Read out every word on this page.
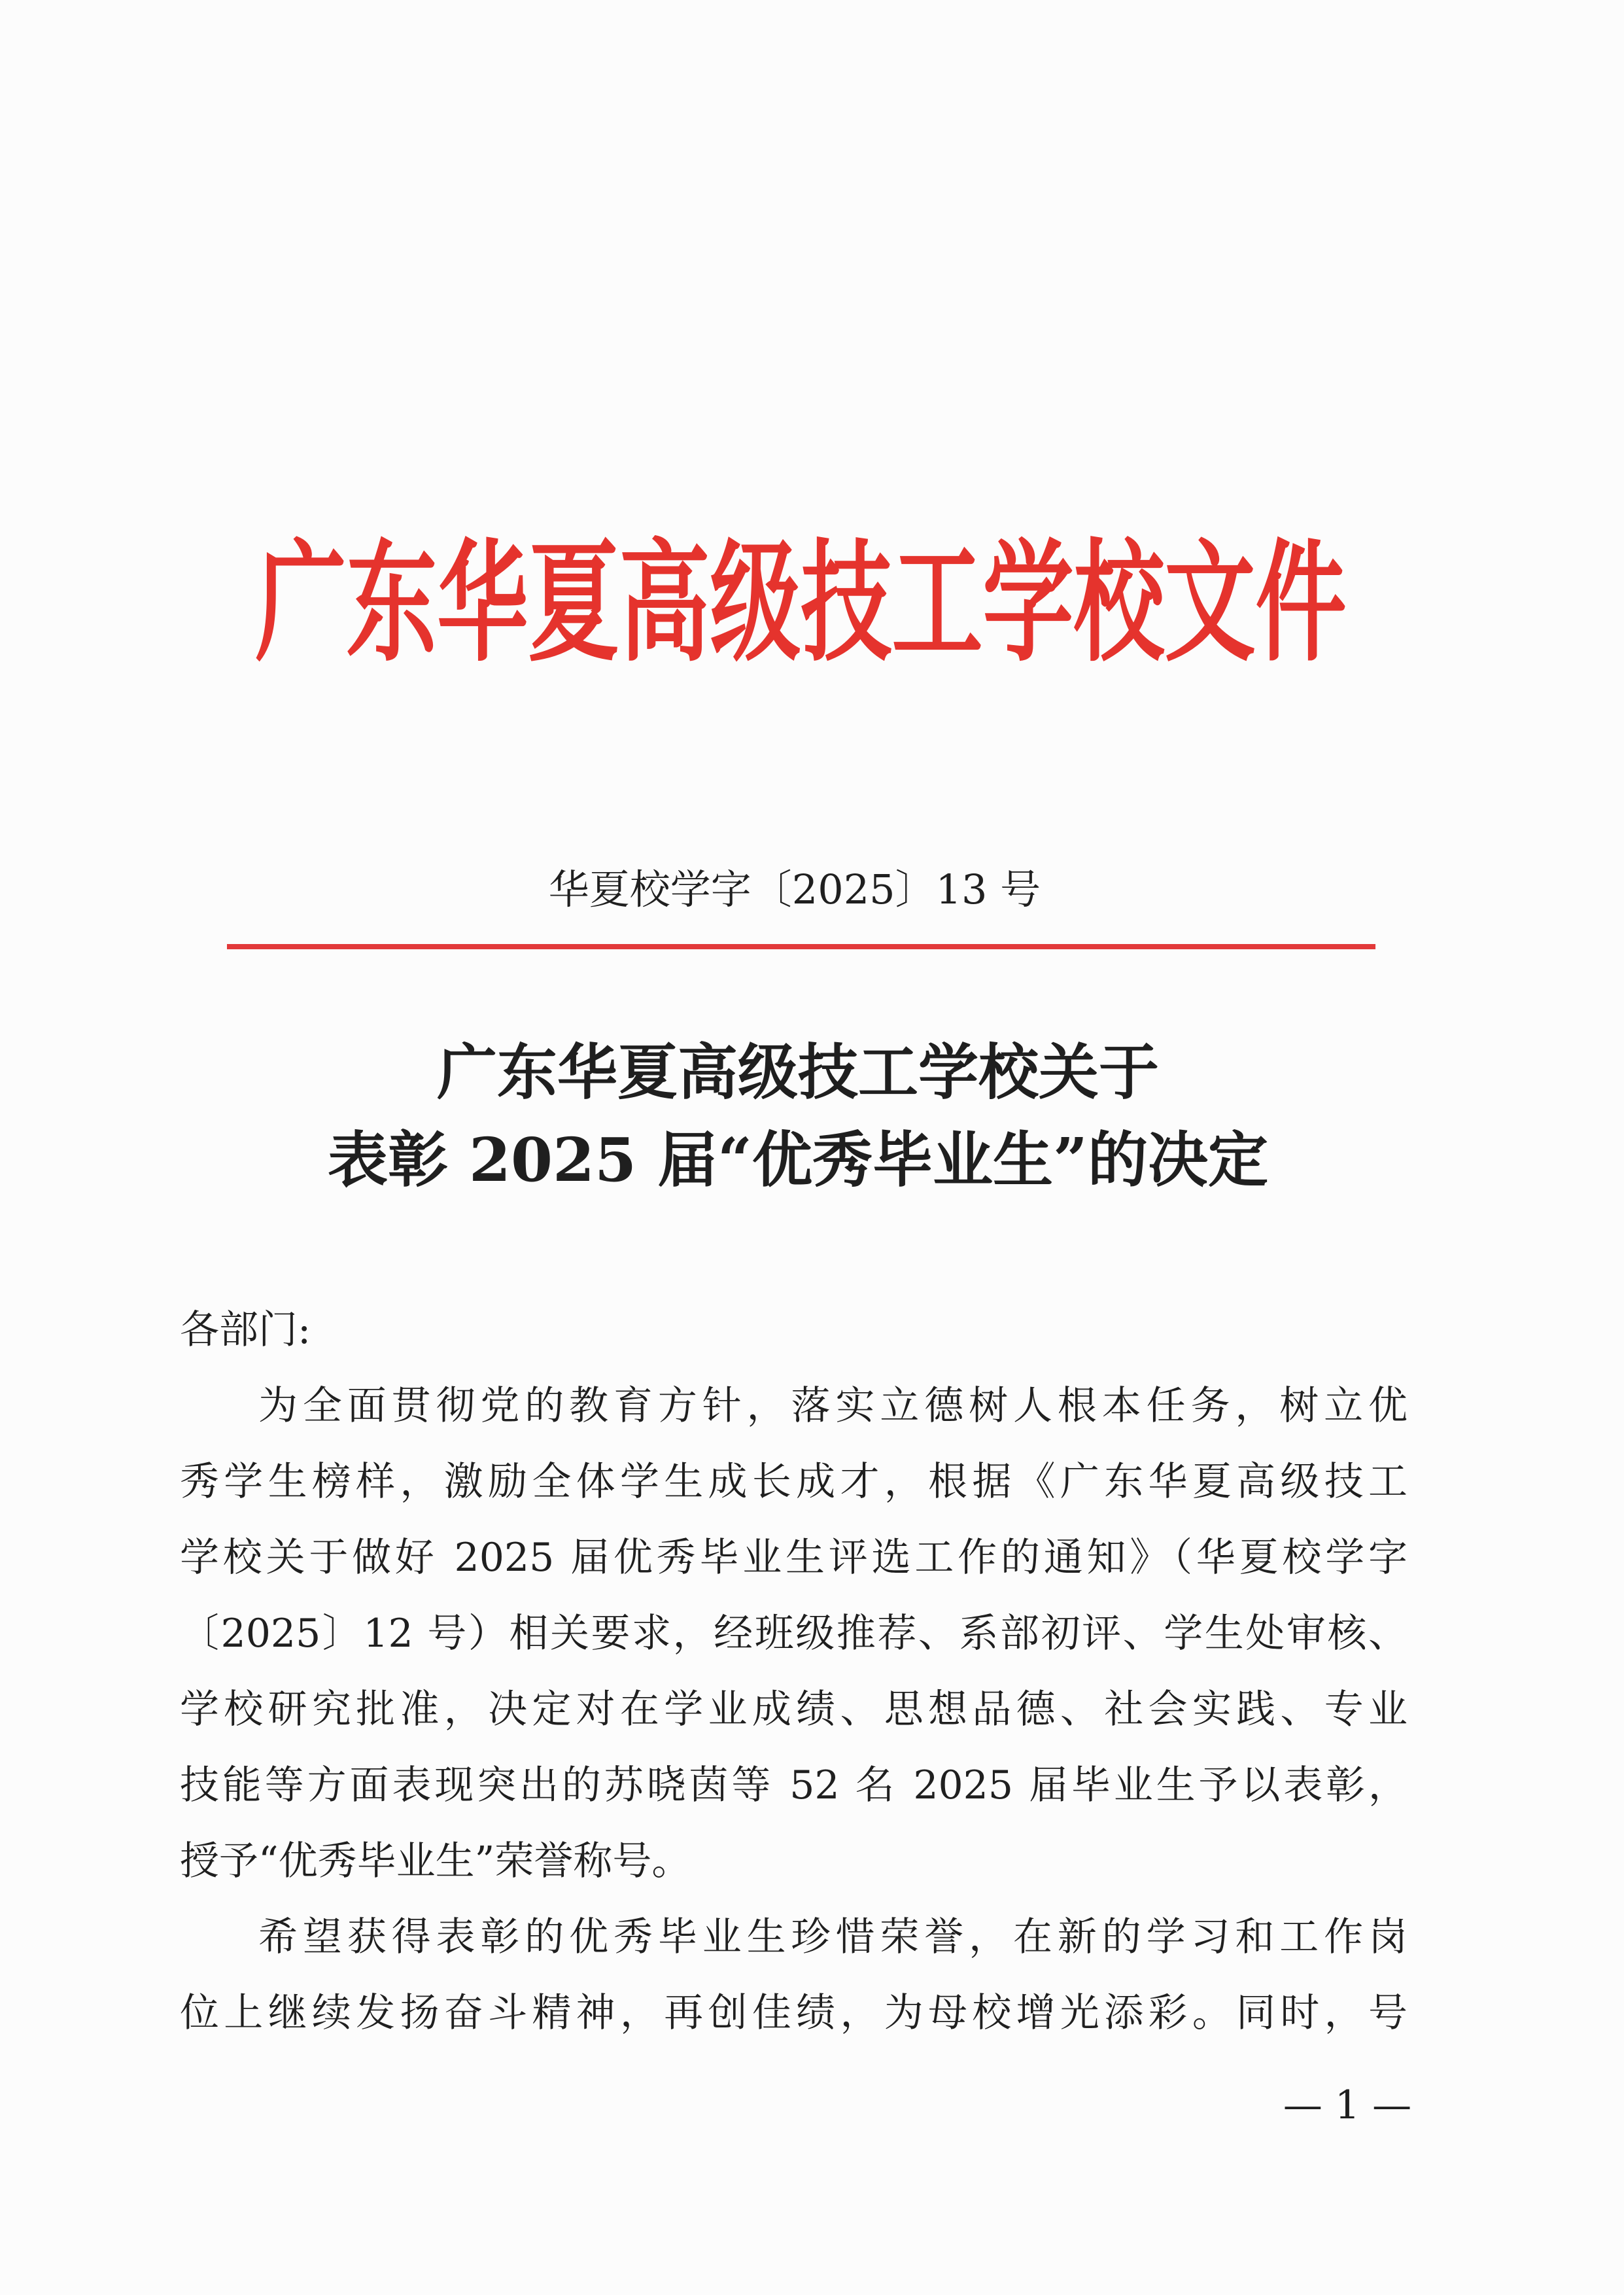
广东华夏高级技工学校文件
华夏校学字〔2025〕13 号
广东华夏高级技工学校关于
表彰 2025 届“优秀毕业生”的决定
各部门:
为全面贯彻党的教育方针，落实立德树人根本任务，树立优
秀学生榜样，激励全体学生成长成才，根据《广东华夏高级技工
学校关于做好 2025 届优秀毕业生评选工作的通知》（华夏校学字
〔2025〕12 号）相关要求，经班级推荐、系部初评、学生处审核、
学校研究批准，决定对在学业成绩、思想品德、社会实践、专业
技能等方面表现突出的苏晓茵等 52 名 2025 届毕业生予以表彰，
授予“优秀毕业生”荣誉称号。
希望获得表彰的优秀毕业生珍惜荣誉，在新的学习和工作岗
位上继续发扬奋斗精神，再创佳绩，为母校增光添彩。同时，号
— 1 —
